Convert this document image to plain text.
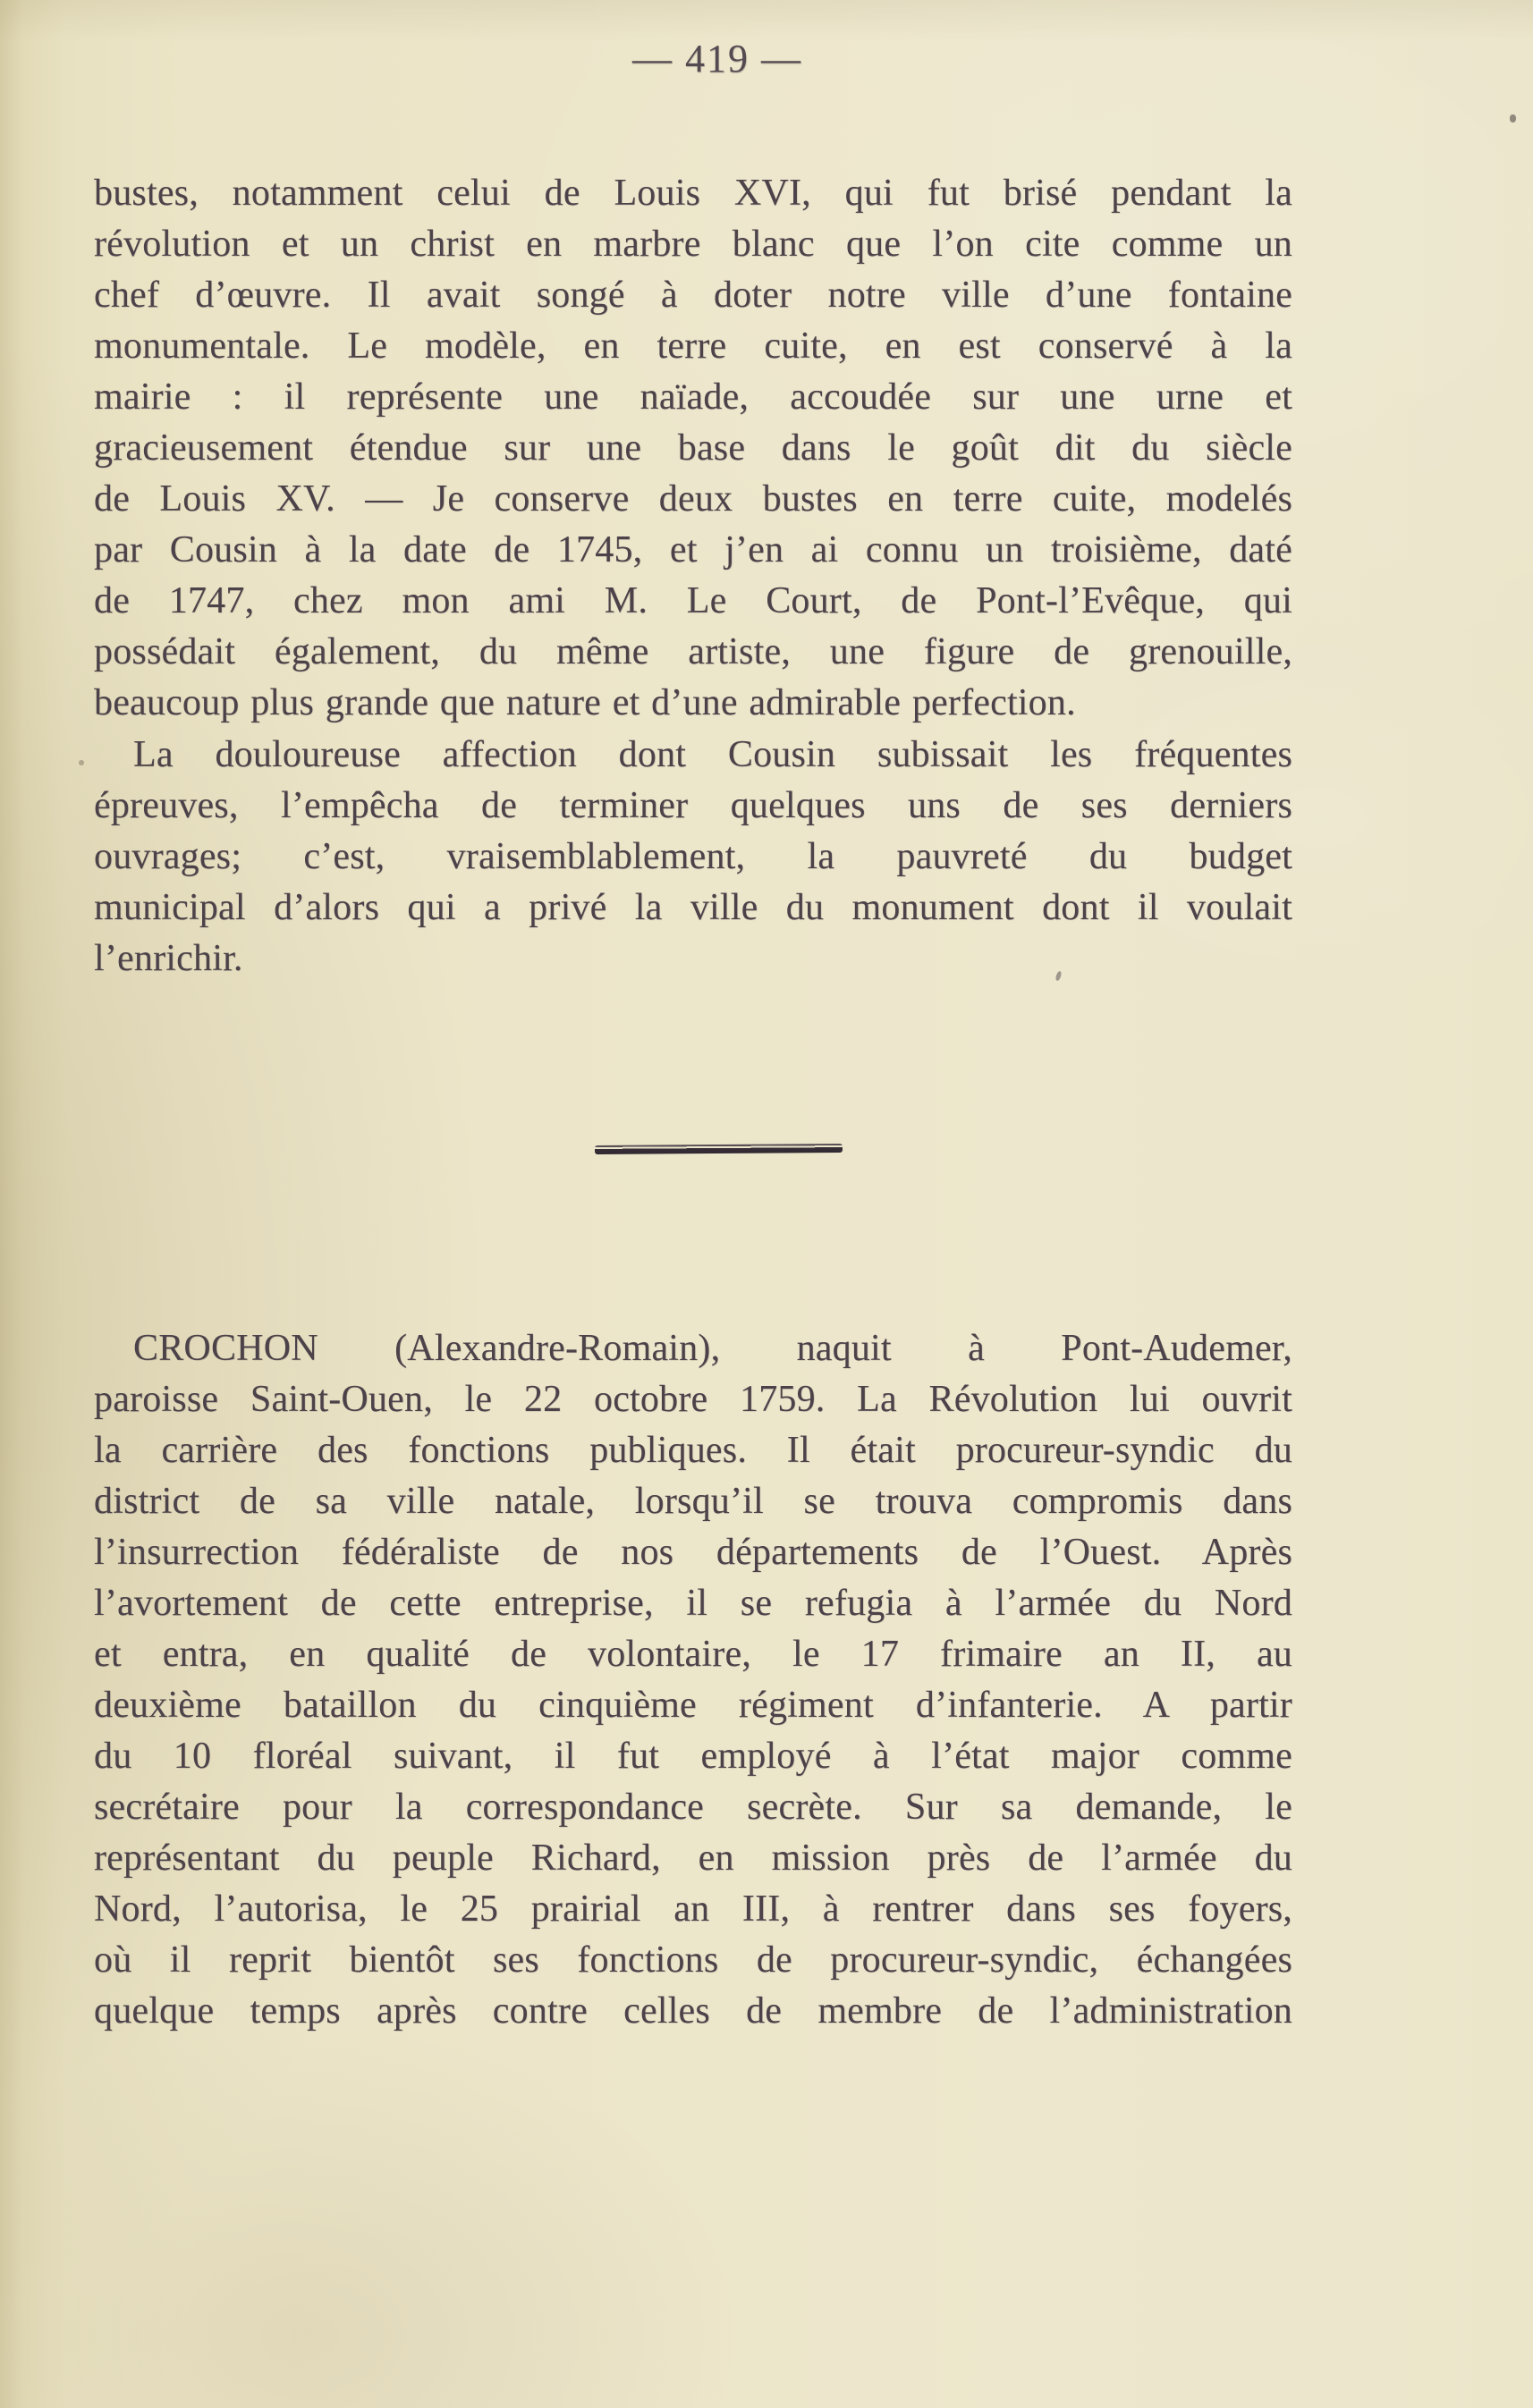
— 419 —
bustes, notamment celui de Louis XVI, qui fut brisé pendant la
révolution et un christ en marbre blanc que l’on cite comme un
chef d’œuvre. Il avait songé à doter notre ville d’une fontaine
monumentale. Le modèle, en terre cuite, en est conservé à la
mairie : il représente une naïade, accoudée sur une urne et
gracieusement étendue sur une base dans le goût dit du siècle
de Louis XV. — Je conserve deux bustes en terre cuite, modelés
par Cousin à la date de 1745, et j’en ai connu un troisième, daté
de 1747, chez mon ami M. Le Court, de Pont-l’Evêque, qui
possédait également, du même artiste, une figure de grenouille,
beaucoup plus grande que nature et d’une admirable perfection.
La douloureuse affection dont Cousin subissait les fréquentes
épreuves, l’empêcha de terminer quelques uns de ses derniers
ouvrages; c’est, vraisemblablement, la pauvreté du budget
municipal d’alors qui a privé la ville du monument dont il voulait
l’enrichir.
CROCHON (Alexandre-Romain), naquit à Pont-Audemer,
paroisse Saint-Ouen, le 22 octobre 1759. La Révolution lui ouvrit
la carrière des fonctions publiques. Il était procureur-syndic du
district de sa ville natale, lorsqu’il se trouva compromis dans
l’insurrection fédéraliste de nos départements de l’Ouest. Après
l’avortement de cette entreprise, il se refugia à l’armée du Nord
et entra, en qualité de volontaire, le 17 frimaire an II, au
deuxième bataillon du cinquième régiment d’infanterie. A partir
du 10 floréal suivant, il fut employé à l’état major comme
secrétaire pour la correspondance secrète. Sur sa demande, le
représentant du peuple Richard, en mission près de l’armée du
Nord, l’autorisa, le 25 prairial an III, à rentrer dans ses foyers,
où il reprit bientôt ses fonctions de procureur-syndic, échangées
quelque temps après contre celles de membre de l’administration
